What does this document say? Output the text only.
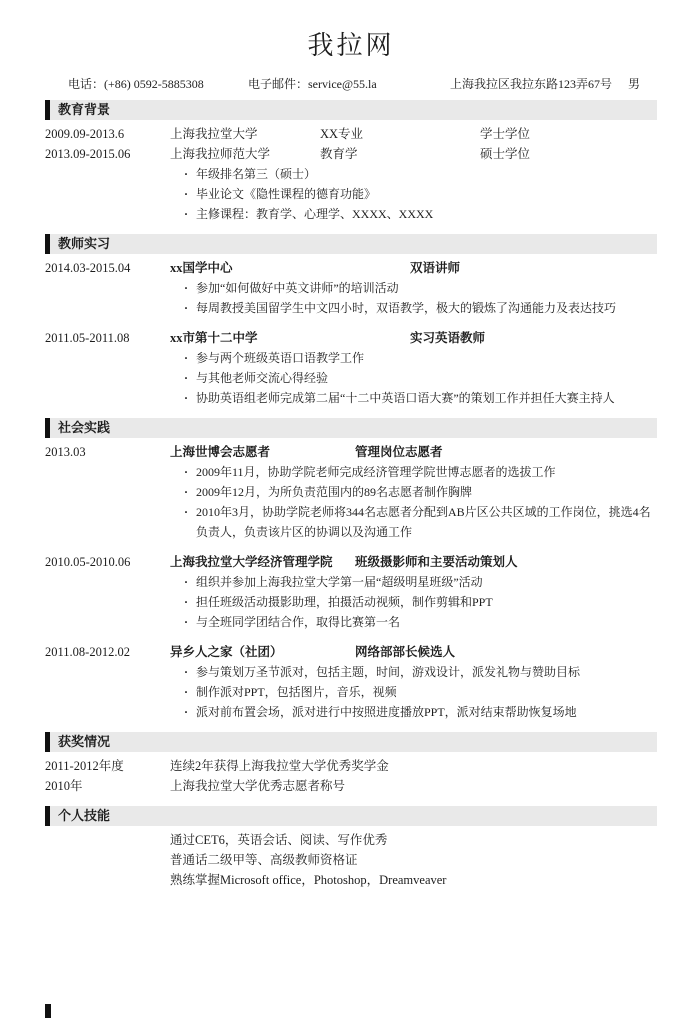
我拉网
电话：(+86) 0592-5885308	电子邮件：service@55.la	上海我拉区我拉东路123弄67号 男
教育背景
2009.09-2013.6	上海我拉堂大学	XX专业	学士学位
2013.09-2015.06	上海我拉师范大学	教育学	硕士学位
· 年级排名第三（硕士）
· 毕业论文《隐性课程的德育功能》
· 主修课程：教育学、心理学、XXXX、XXXX
教师实习
2014.03-2015.04	xx国学中心	双语讲师
· 参加“如何做好中英文讲师”的培训活动
· 每周教授美国留学生中文四小时，双语教学，极大的锻炼了沟通能力及表达技巧
2011.05-2011.08	xx市第十二中学	实习英语教师
· 参与两个班级英语口语教学工作
· 与其他老师交流心得经验
· 协助英语组老师完成第二届“十二中英语口语大赛”的策划工作并担任大赛主持人
社会实践
2013.03	上海世博会志愿者	管理岗位志愿者
· 2009年11月，协助学院老师完成经济管理学院世博志愿者的选拔工作
· 2009年12月，为所负责范围内的89名志愿者制作胸牌
· 2010年3月，协助学院老师将344名志愿者分配到AB片区公共区域的工作岗位，挑选4名负责人，负责该片区的协调以及沟通工作
2010.05-2010.06	上海我拉堂大学经济管理学院	班级摄影师和主要活动策划人
· 组织并参加上海我拉堂大学第一届“超级明星班级”活动
· 担任班级活动摄影助理，拍摄活动视频，制作剪辑和PPT
· 与全班同学团结合作，取得比赛第一名
2011.08-2012.02	异乡人之家（社团）	网络部部长候选人
· 参与策划万圣节派对，包括主题，时间，游戏设计，派发礼物与赞助目标
· 制作派对PPT，包括图片，音乐，视频
· 派对前布置会场，派对进行中按照进度播放PPT，派对结束帮助恢复场地
获奖情况
2011-2012年度	连续2年获得上海我拉堂大学优秀奖学金
2010年	上海我拉堂大学优秀志愿者称号
个人技能
通过CET6，英语会话、阅读、写作优秀
普通话二级甲等、高级教师资格证
熟练掌握Microsoft office，Photoshop，Dreamveaver
